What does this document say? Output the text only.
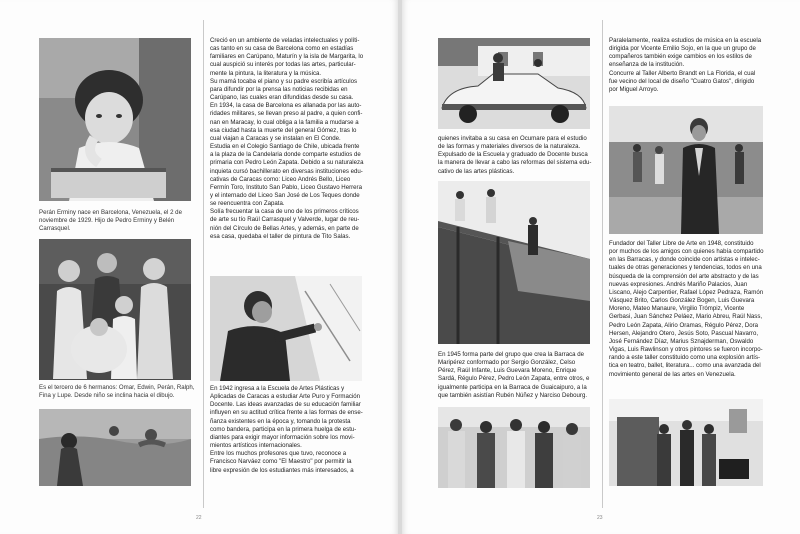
Perán Erminy nace en Barcelona, Venezuela, el 2 de
noviembre de 1929. Hijo de Pedro Erminy y Belén
Carrasquel.
Es el tercero de 6 hermanos: Omar, Edwin, Perán, Ralph,
Fina y Lupe. Desde niño se inclina hacia el dibujo.
Creció en un ambiente de veladas intelectuales y políti-
cas tanto en su casa de Barcelona como en estadías
familiares en Carúpano, Maturín y la isla de Margarita, lo
cual auspició su interés por todas las artes, particular-
mente la pintura, la literatura y la música.
Su mamá tocaba el piano y su padre escribía artículos
para difundir por la prensa las noticias recibidas en
Carúpano, las cuales eran difundidas desde su casa.
En 1934, la casa de Barcelona es allanada por las auto-
ridades militares, se llevan preso al padre, a quien confi-
nan en Maracay, lo cual obliga a la familia a mudarse a
esa ciudad hasta la muerte del general Gómez, tras lo
cual viajan a Caracas y se instalan en El Conde.
Estudia en el Colegio Santiago de Chile, ubicada frente
a la plaza de la Candelaria donde comparte estudios de
primaria con Pedro León Zapata. Debido a su naturaleza
inquieta cursó bachillerato en diversas instituciones edu-
cativas de Caracas como: Liceo Andrés Bello, Liceo
Fermín Toro, Instituto San Pablo, Liceo Gustavo Herrera
y el internado del Liceo San José de Los Teques donde
se reencuentra con Zapata.
Solía frecuentar la casa de uno de los primeros críticos
de arte su tío Raúl Carrasquel y Valverde, lugar de reu-
nión del Círculo de Bellas Artes, y además, en parte de
esa casa, quedaba el taller de pintura de Tito Salas.
En 1942 ingresa a la Escuela de Artes Plásticas y
Aplicadas de Caracas a estudiar Arte Puro y Formación
Docente. Las ideas avanzadas de su educación familiar
influyen en su actitud crítica frente a las formas de ense-
ñanza existentes en la época y, tomando la protesta
como bandera, participa en la primera huelga de estu-
diantes para exigir mayor información sobre los movi-
mientos artísticos internacionales.
Entre los muchos profesores que tuvo, reconoce a
Francisco Narváez como "El Maestro" por permitir la
libre expresión de los estudiantes más interesados, a
22
quienes invitaba a su casa en Ocumare para el estudio
de las formas y materiales diversos de la naturaleza.
Expulsado de la Escuela y graduado de Docente busca
la manera de llevar a cabo las reformas del sistema edu-
cativo de las artes plásticas.
En 1945 forma parte del grupo que crea la Barraca de
Maripérez conformado por Sergio González, Celso
Pérez, Raúl Infante, Luis Guevara Moreno, Enrique
Sardá, Régulo Pérez, Pedro León Zapata, entre otros, e
igualmente participa en la Barraca de Guaicaipuro, a la
que también asistían Rubén Núñez y Narciso Debourg.
Paralelamente, realiza estudios de música en la escuela
dirigida por Vicente Emilio Sojo, en la que un grupo de
compañeros también exige cambios en los estilos de
enseñanza de la institución.
Concurre al Taller Alberto Brandt en La Florida, el cual
fue vecino del local de diseño "Cuatro Gatos", dirigido
por Miguel Arroyo.
Fundador del Taller Libre de Arte en 1948, constituido
por muchos de los amigos con quienes había compartido
en las Barracas, y donde coincide con artistas e intelec-
tuales de otras generaciones y tendencias, todos en una
búsqueda de la comprensión del arte abstracto y de las
nuevas expresiones. Andrés Mariño Palacios, Juan
Liscano, Alejo Carpentier, Rafael López Pedraza, Ramón
Vásquez Brito, Carlos González Bogen, Luis Guevara
Moreno, Mateo Manaure, Virgilio Trómpiz, Vicente
Gerbasi, Juan Sánchez Peláez, Mario Abreu, Raúl Nass,
Pedro León Zapata, Alirio Oramas, Régulo Pérez, Dora
Hersen, Alejandro Otero, Jesús Soto, Pascual Navarro,
José Fernández Díaz, Marius Sznajderman, Oswaldo
Vigas, Luis Rawlinson y otros pintores se fueron incorpo-
rando a este taller constituido como una explosión artís-
tica en teatro, ballet, literatura... como una avanzada del
movimiento general de las artes en Venezuela.
23
